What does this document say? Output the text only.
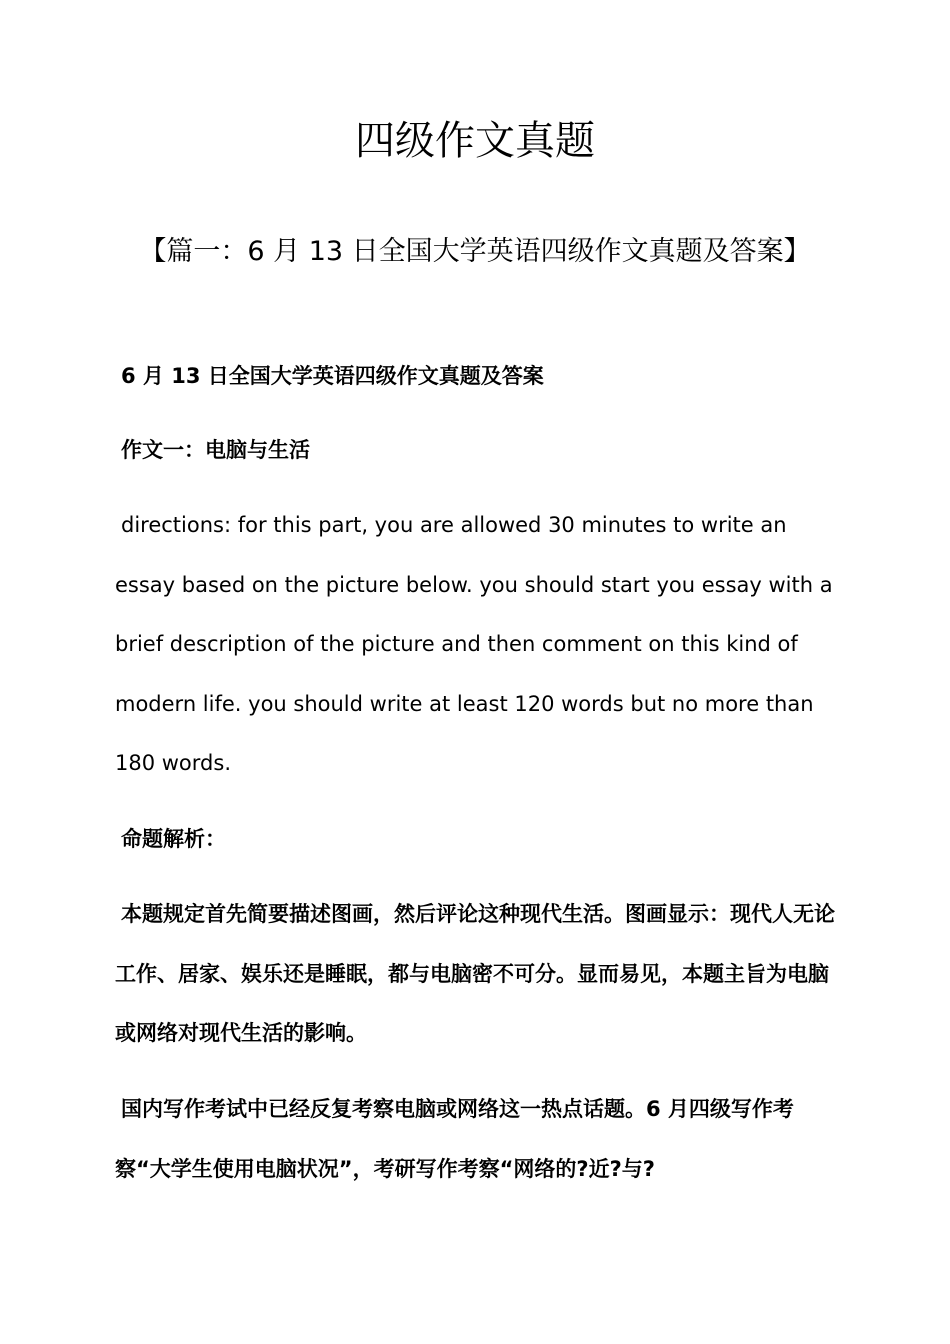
四级作文真题
【篇一：6 月 13 日全国大学英语四级作文真题及答案】

6 月 13 日全国大学英语四级作文真题及答案

作文一：电脑与生活

directions: for this part, you are allowed 30 minutes to write an essay based on the picture below. you should start you essay with a brief description of the picture and then comment on this kind of modern life. you should write at least 120 words but no more than 180 words.

命题解析：

本题规定首先简要描述图画，然后评论这种现代生活。图画显示：现代人无论工作、居家、娱乐还是睡眠，都与电脑密不可分。显而易见，本题主旨为电脑或网络对现代生活的影响。

国内写作考试中已经反复考察电脑或网络这一热点话题。6 月四级写作考察“大学生使用电脑状况”，考研写作考察“网络的?近?与?
